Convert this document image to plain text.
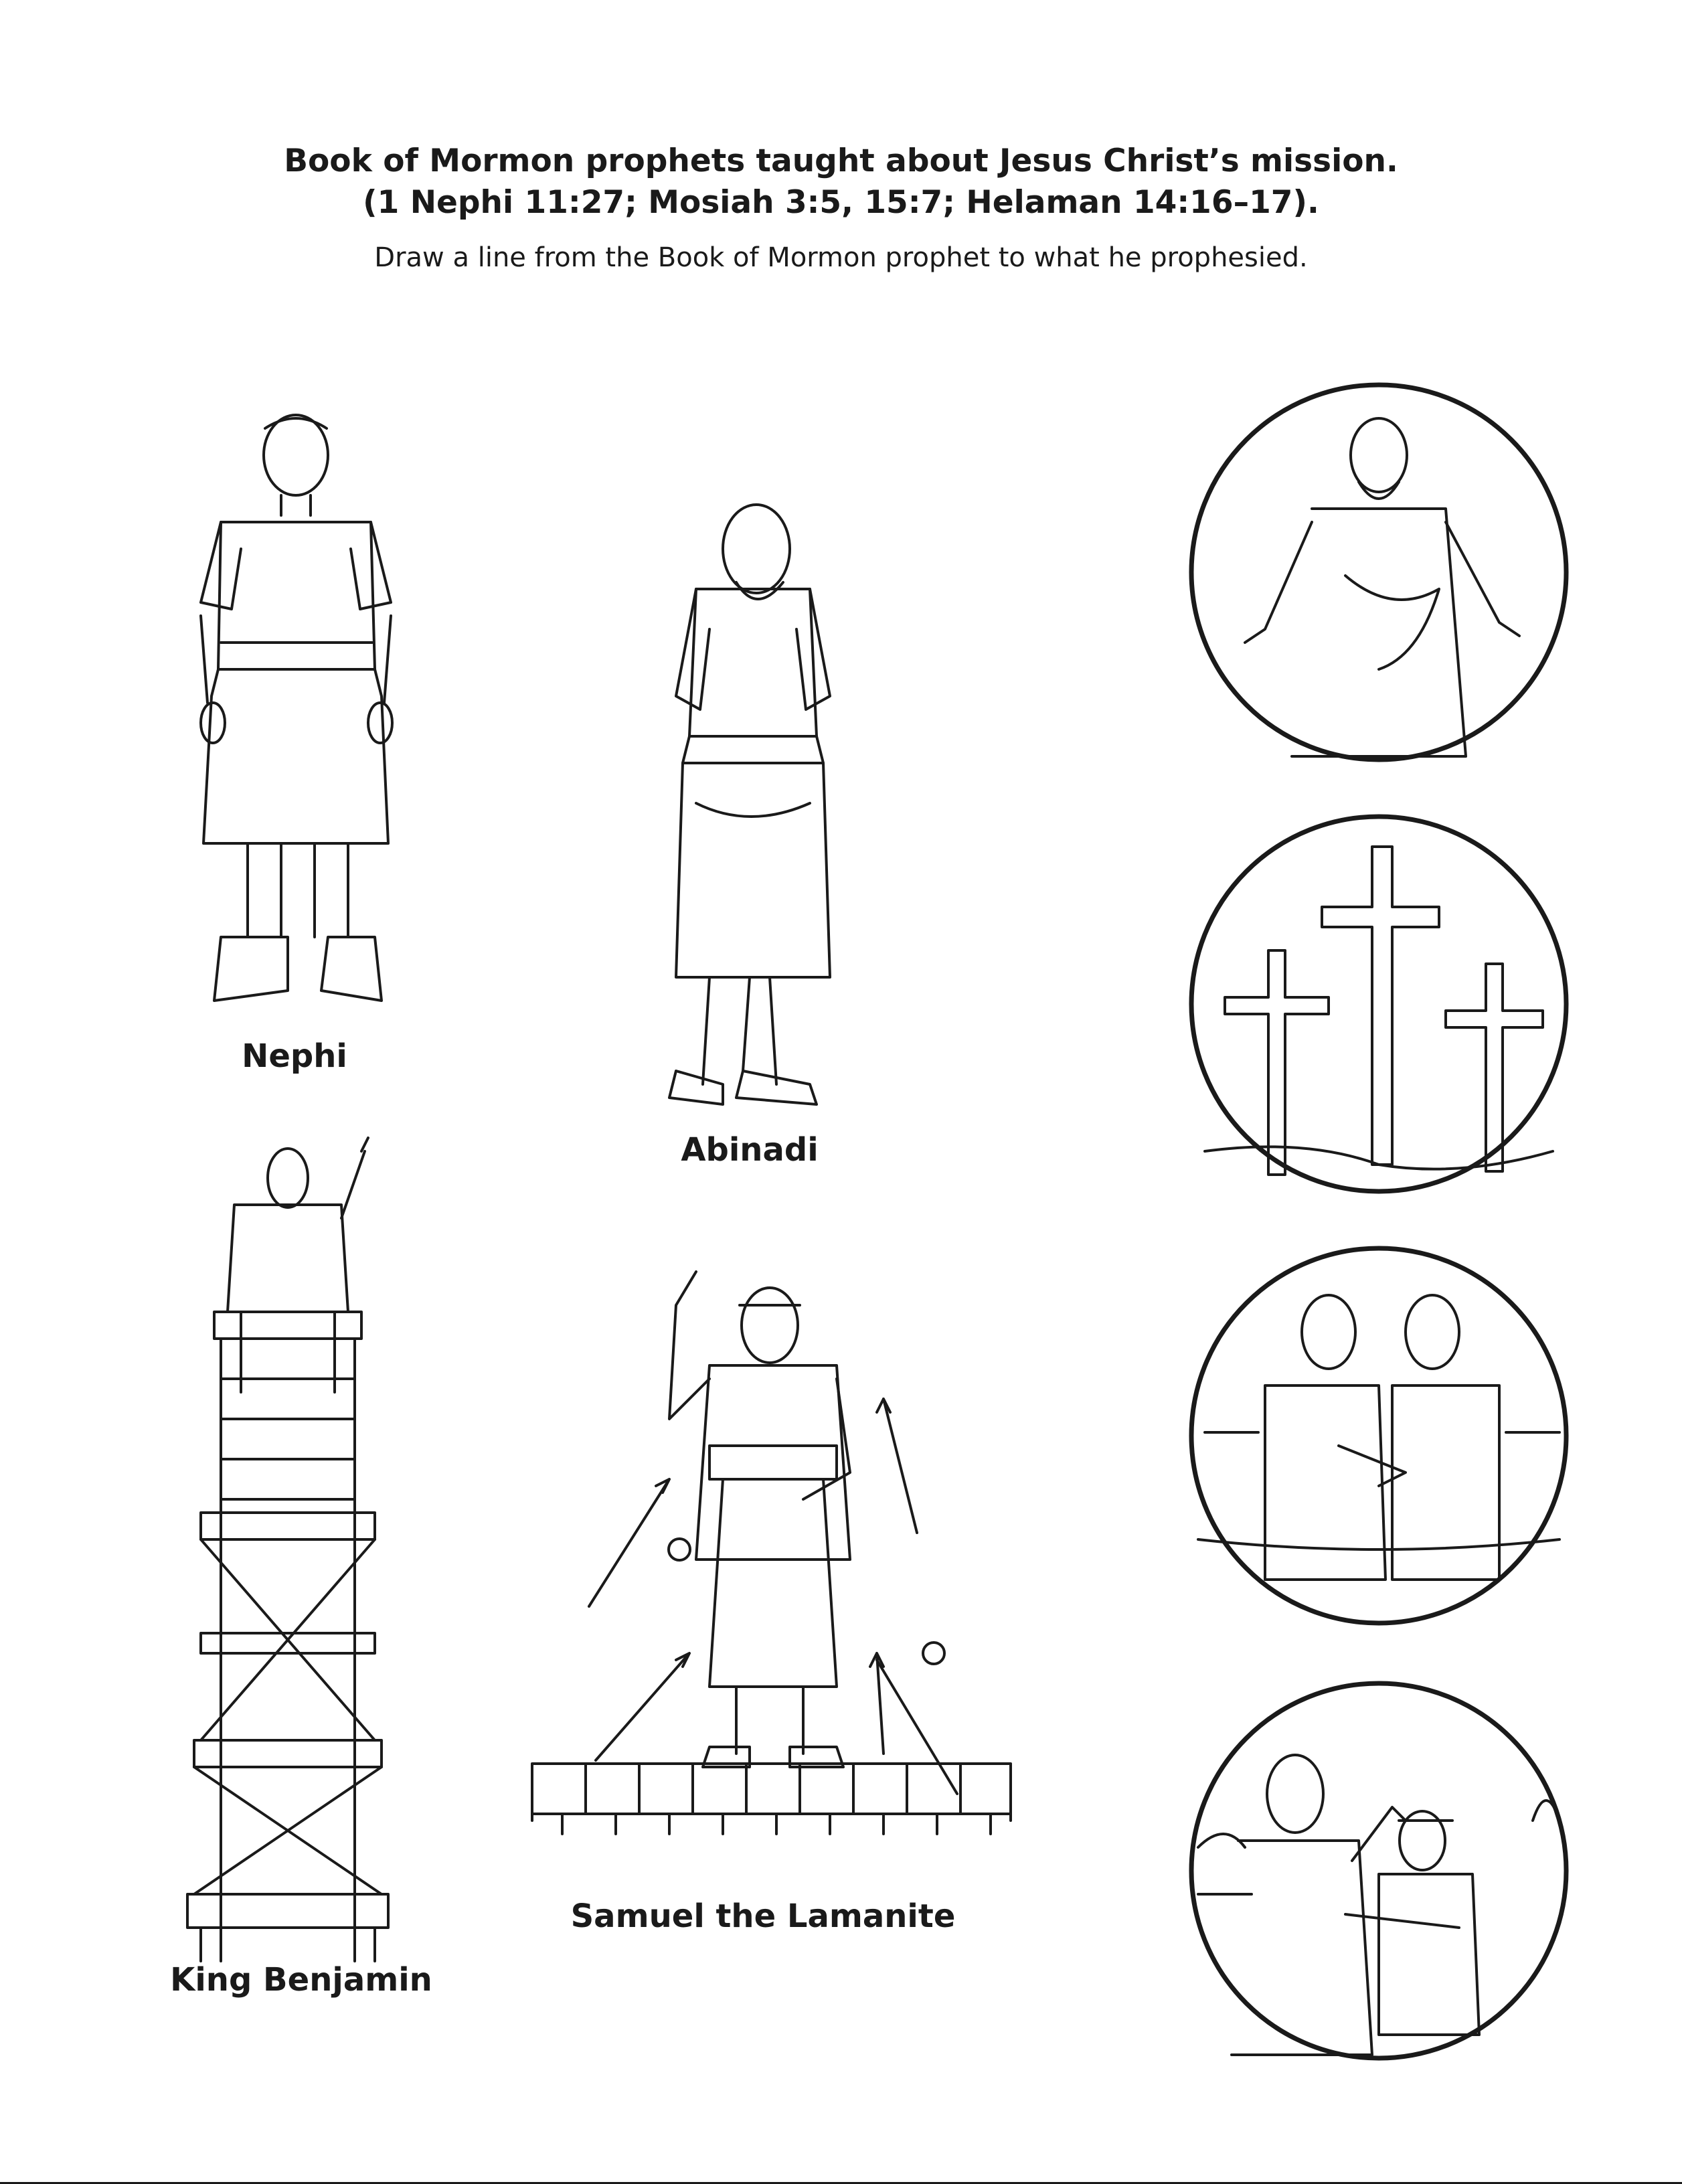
Book of Mormon prophets taught about Jesus Christ’s mission.
(1 Nephi 11:27; Mosiah 3:5, 15:7; Helaman 14:16–17).
Draw a line from the Book of Mormon prophet to what he prophesied.
Nephi
Abinadi
King Benjamin
Samuel the Lamanite
